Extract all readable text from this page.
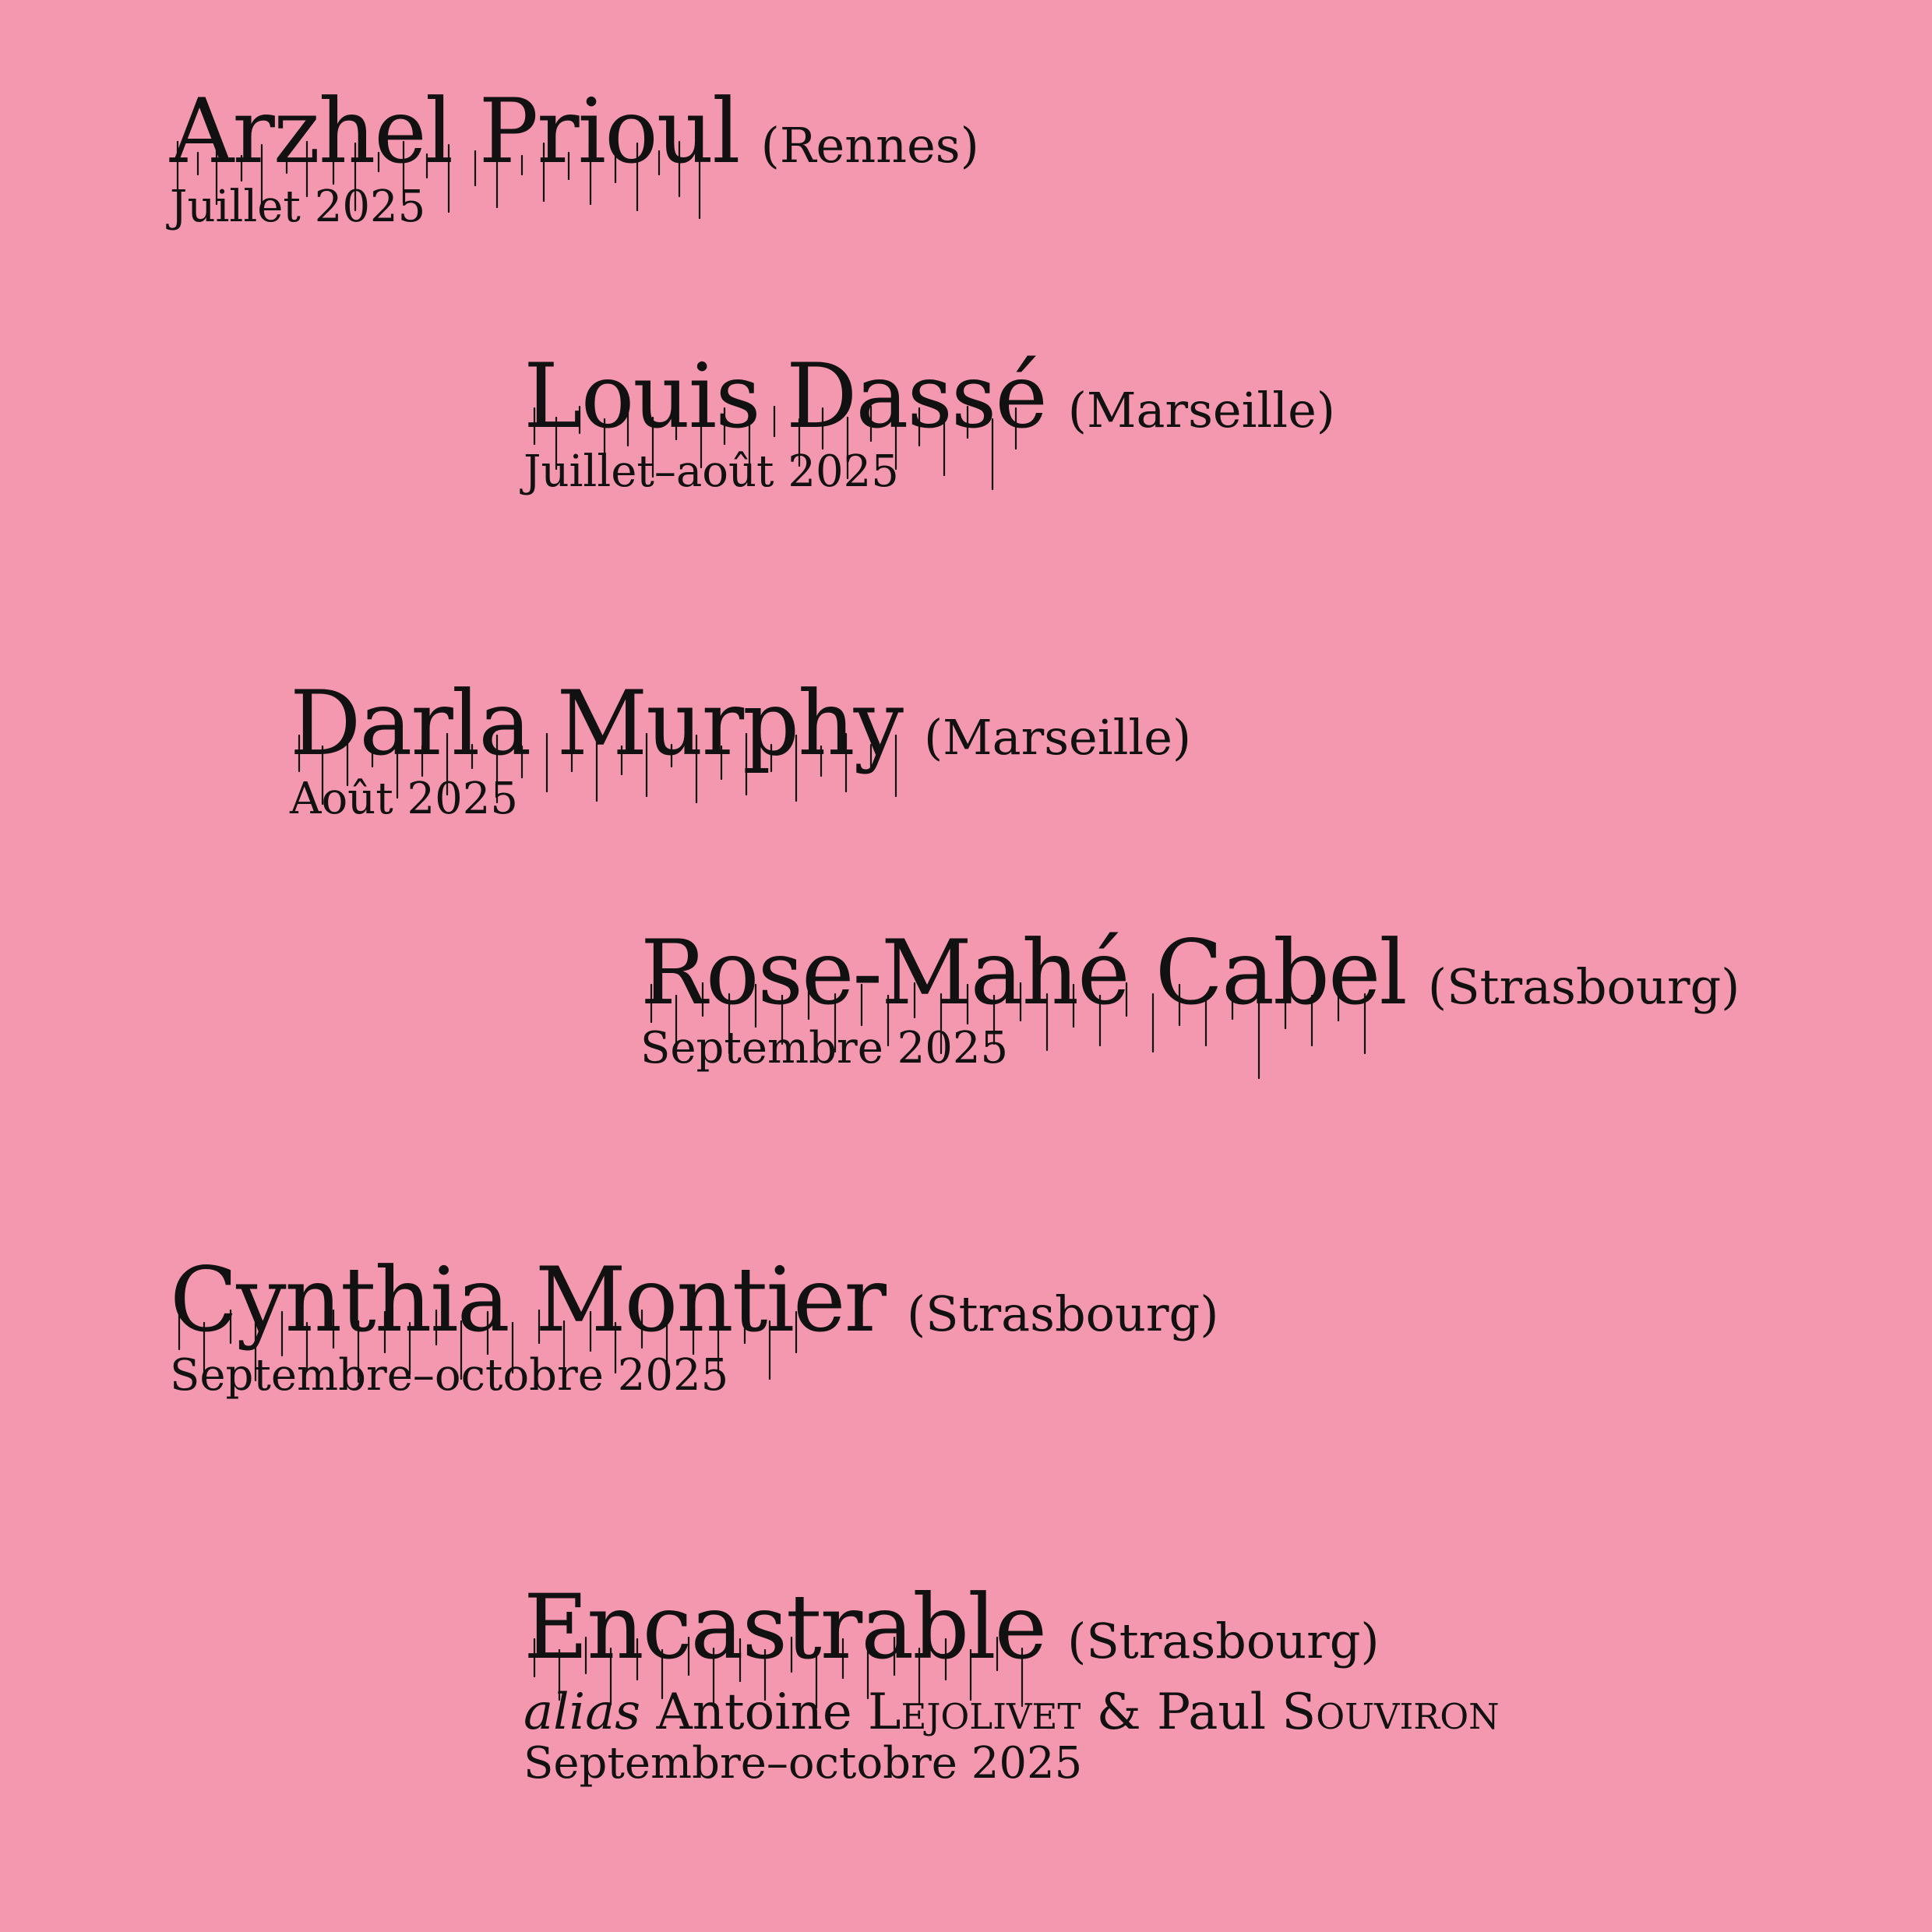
Arzhel Prioul (Rennes)
Juillet 2025
Louis Dassé (Marseille)
Juillet–août 2025
Darla Murphy (Marseille)
Août 2025
Rose-Mahé Cabel (Strasbourg)
Septembre 2025
Cynthia Montier (Strasbourg)
Septembre–octobre 2025
Encastrable (Strasbourg)
alias Antoine Lejolivet & Paul Souviron
Septembre–octobre 2025
